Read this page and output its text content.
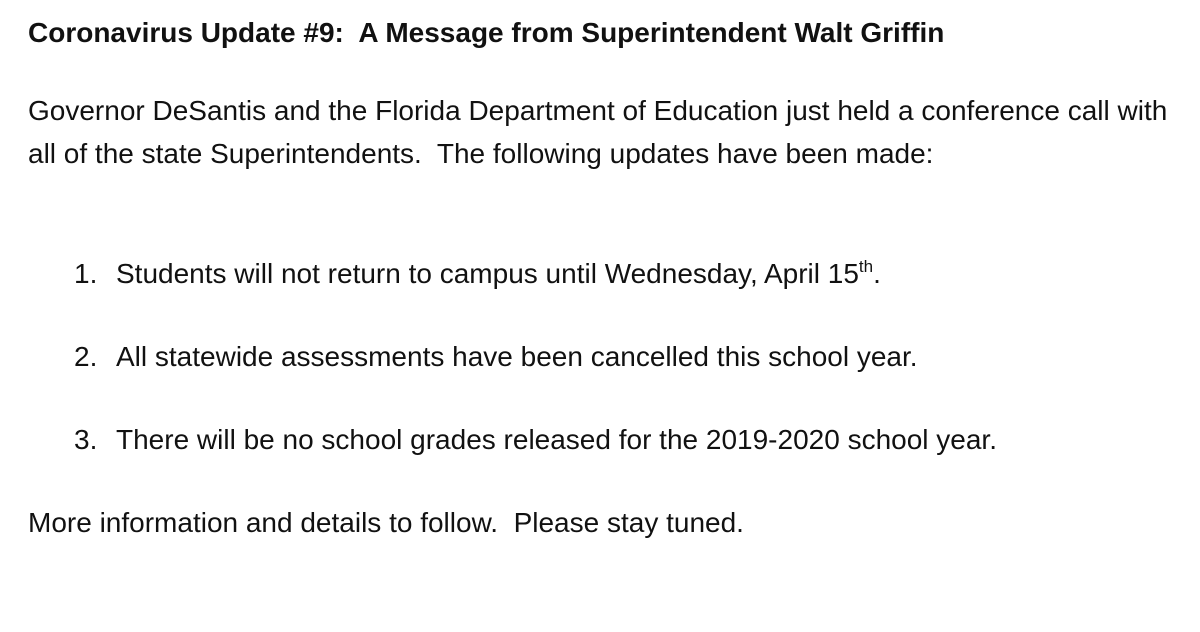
Coronavirus Update #9:  A Message from Superintendent Walt Griffin

Governor DeSantis and the Florida Department of Education just held a conference call with all of the state Superintendents.  The following updates have been made:

1. Students will not return to campus until Wednesday, April 15th.
2. All statewide assessments have been cancelled this school year.
3. There will be no school grades released for the 2019-2020 school year.
More information and details to follow.  Please stay tuned.
